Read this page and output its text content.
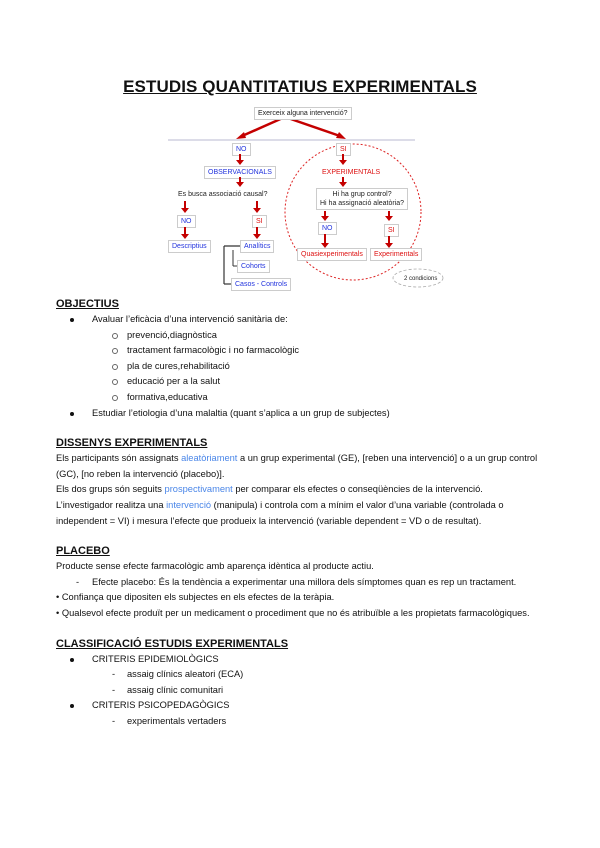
ESTUDIS QUANTITATIUS EXPERIMENTALS
Exerceix alguna intervenció?
NO	SI
OBSERVACIONALS	EXPERIMENTALS
Es busca associació causal?	Hi ha grup control?
Hi ha assignació aleatòria?
NO	SI
NO	SI
Descriptius	Analítics
Quasiexperimentals	Experimentals
Cohorts
Casos - Controls
2 condicions
OBJECTIUS
Avaluar l’eficàcia d’una intervenció sanitària de:
prevenció,diagnòstica
tractament farmacològic i no farmacològic
pla de cures,rehabilitació
educació per a la salut
formativa,educativa
Estudiar l’etiologia d’una malaltia (quant s’aplica a un grup de subjectes)
DISSENYS EXPERIMENTALS

Els participants són assignats aleatòriament a un grup experimental (GE), [reben una intervenció] o a un grup control (GC), [no reben la intervenció (placebo)].

Els dos grups són seguits prospectivament per comparar els efectes o conseqüències de la intervenció.

L’investigador realitza una intervenció (manipula) i controla com a mínim el valor d’una variable (controlada o independent = VI) i mesura l’efecte que produeix la intervenció (variable dependent = VD o de resultat).

PLACEBO

Producte sense efecte farmacològic amb aparença idèntica al producte actiu.

- Efecte placebo: És la tendència a experimentar una millora dels símptomes quan es rep un tractament.

• Confiança que dipositen els subjectes en els efectes de la teràpia.

• Qualsevol efecte produït per un medicament o procediment que no és atribuïble a les propietats farmacològiques.

CLASSIFICACIÓ ESTUDIS EXPERIMENTALS
CRITERIS EPIDEMIOLÒGICS
- assaig clínics aleatori (ECA)
- assaig clínic comunitari
CRITERIS PSICOPEDAGÒGICS
- experimentals vertaders
